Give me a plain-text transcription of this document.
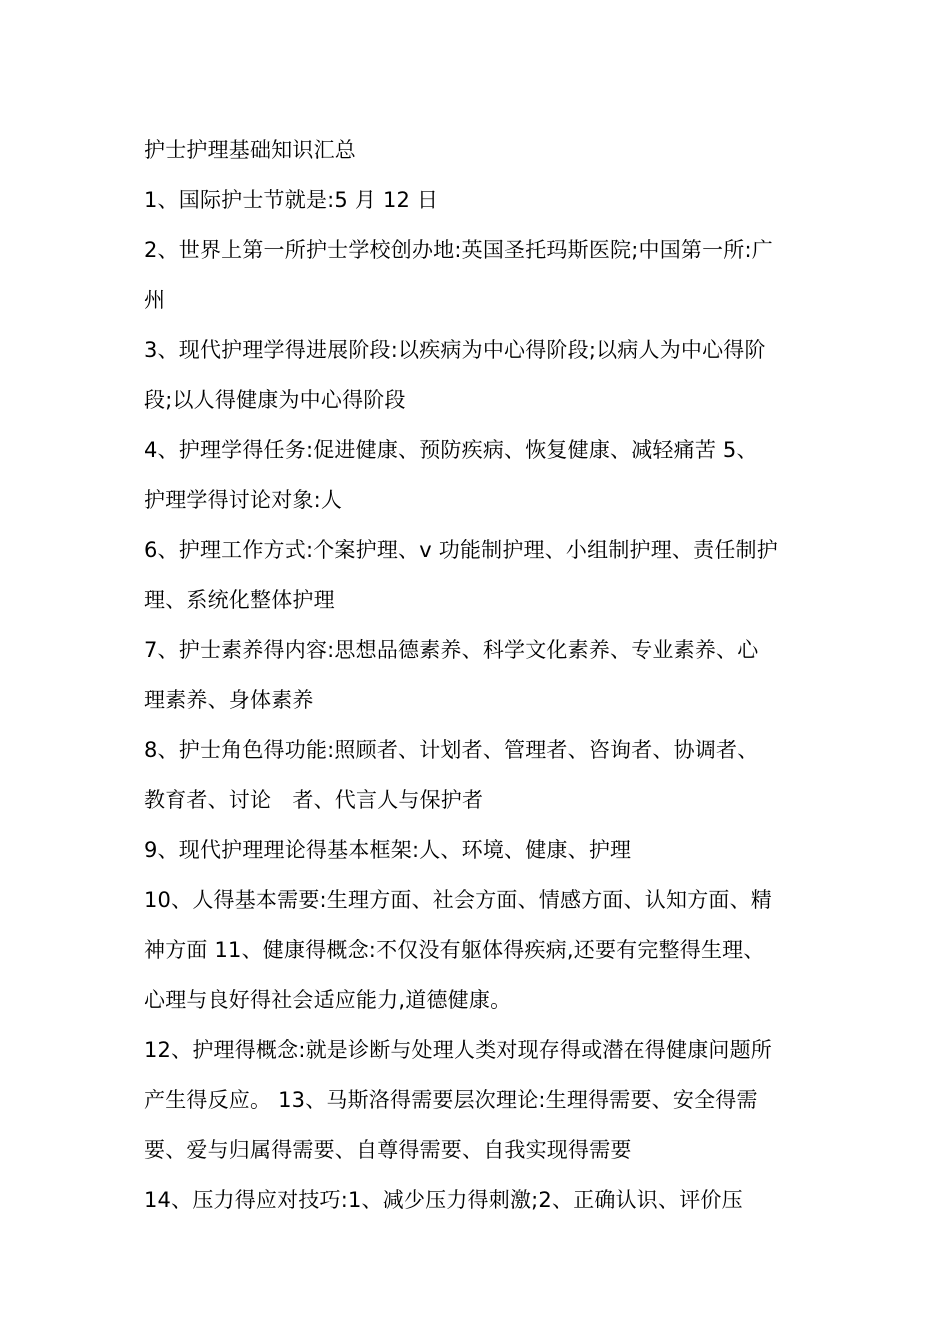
护士护理基础知识汇总
1、国际护士节就是:5 月 12 日
2、世界上第一所护士学校创办地:英国圣托玛斯医院;中国第一所:广
州
3、现代护理学得进展阶段:以疾病为中心得阶段;以病人为中心得阶
段;以人得健康为中心得阶段
4、护理学得任务:促进健康、预防疾病、恢复健康、减轻痛苦 5、
护理学得讨论对象:人
6、护理工作方式:个案护理、v 功能制护理、小组制护理、责任制护
理、系统化整体护理
7、护士素养得内容:思想品德素养、科学文化素养、专业素养、心
理素养、身体素养
8、护士角色得功能:照顾者、计划者、管理者、咨询者、协调者、
教育者、讨论　者、代言人与保护者
9、现代护理理论得基本框架:人、环境、健康、护理
10、人得基本需要:生理方面、社会方面、情感方面、认知方面、精
神方面 11、健康得概念:不仅没有躯体得疾病,还要有完整得生理、
心理与良好得社会适应能力,道德健康。
12、护理得概念:就是诊断与处理人类对现存得或潜在得健康问题所
产生得反应。 13、马斯洛得需要层次理论:生理得需要、安全得需
要、爱与归属得需要、自尊得需要、自我实现得需要
14、压力得应对技巧:1、减少压力得刺激;2、正确认识、评价压
